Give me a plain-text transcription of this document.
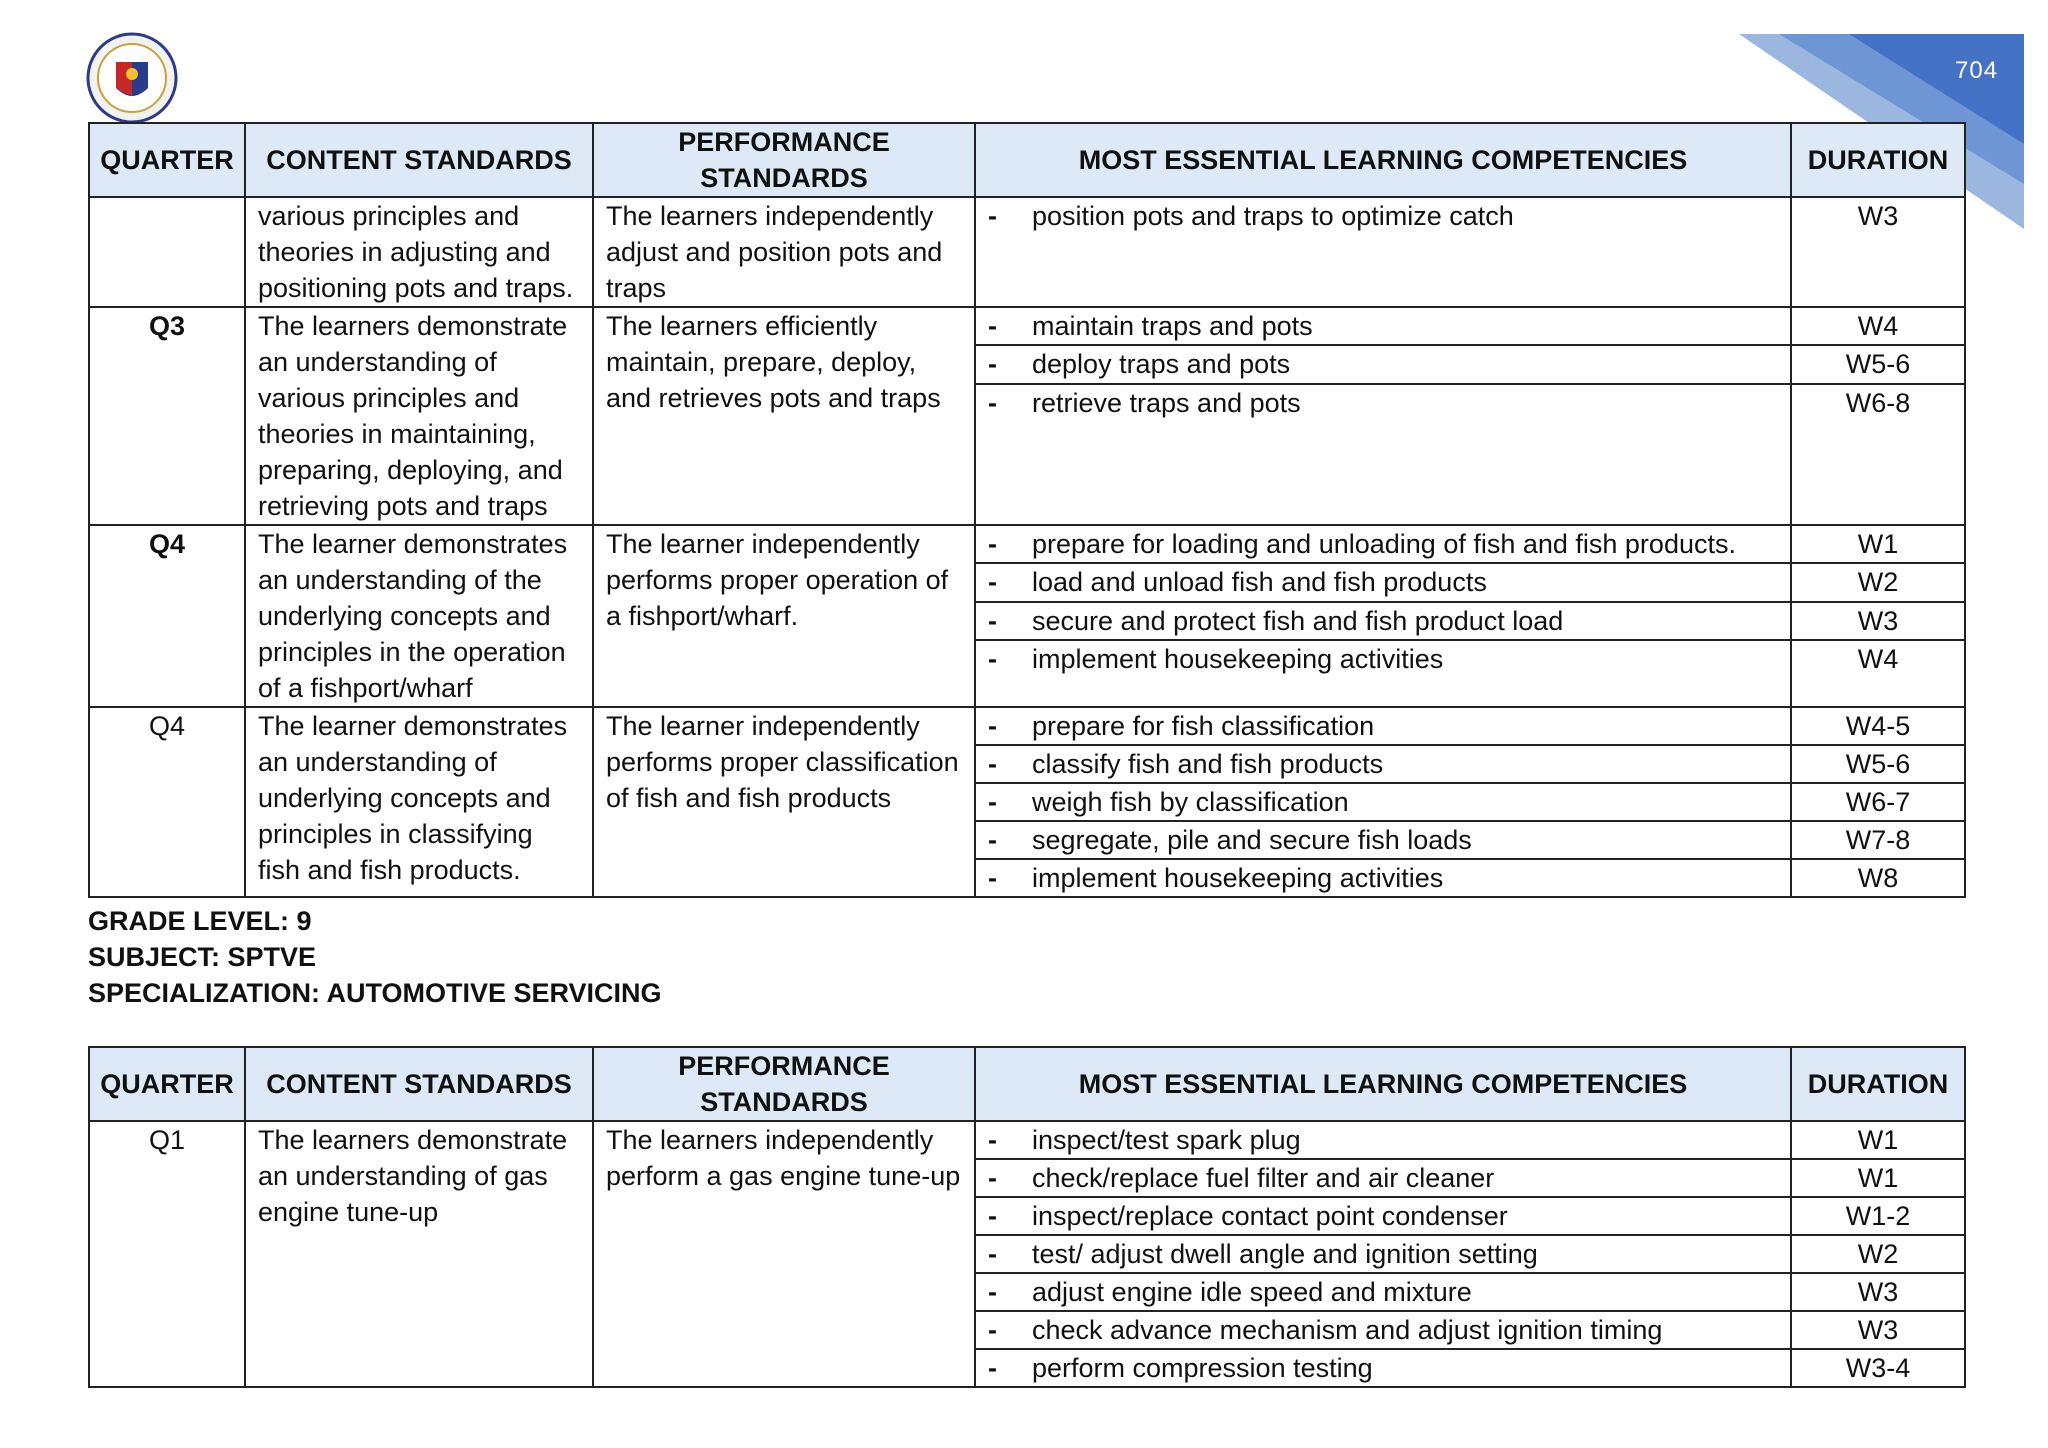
704
QUARTER	CONTENT STANDARDS	PERFORMANCE STANDARDS	MOST ESSENTIAL LEARNING COMPETENCIES	DURATION
	various principles and theories in adjusting and positioning pots and traps.	The learners independently adjust and position pots and traps	- position pots and traps to optimize catch	W3
Q3	The learners demonstrate an understanding of various principles and theories in maintaining, preparing, deploying, and retrieving pots and traps	The learners efficiently maintain, prepare, deploy, and retrieves pots and traps	- maintain traps and pots	W4
			- deploy traps and pots	W5-6
			- retrieve traps and pots	W6-8
Q4	The learner demonstrates an understanding of the underlying concepts and principles in the operation of a fishport/wharf	The learner independently performs proper operation of a fishport/wharf.	- prepare for loading and unloading of fish and fish products.	W1
			- load and unload fish and fish products	W2
			- secure and protect fish and fish product load	W3
			- implement housekeeping activities	W4
Q4	The learner demonstrates an understanding of underlying concepts and principles in classifying fish and fish products.	The learner independently performs proper classification of fish and fish products	- prepare for fish classification	W4-5
			- classify fish and fish products	W5-6
			- weigh fish by classification	W6-7
			- segregate, pile and secure fish loads	W7-8
			- implement housekeeping activities	W8
GRADE LEVEL: 9
SUBJECT: SPTVE
SPECIALIZATION: AUTOMOTIVE SERVICING
QUARTER	CONTENT STANDARDS	PERFORMANCE STANDARDS	MOST ESSENTIAL LEARNING COMPETENCIES	DURATION
Q1	The learners demonstrate an understanding of gas engine tune-up	The learners independently perform a gas engine tune-up	- inspect/test spark plug	W1
			- check/replace fuel filter and air cleaner	W1
			- inspect/replace contact point condenser	W1-2
			- test/ adjust dwell angle and ignition setting	W2
			- adjust engine idle speed and mixture	W3
			- check advance mechanism and adjust ignition timing	W3
			- perform compression testing	W3-4
